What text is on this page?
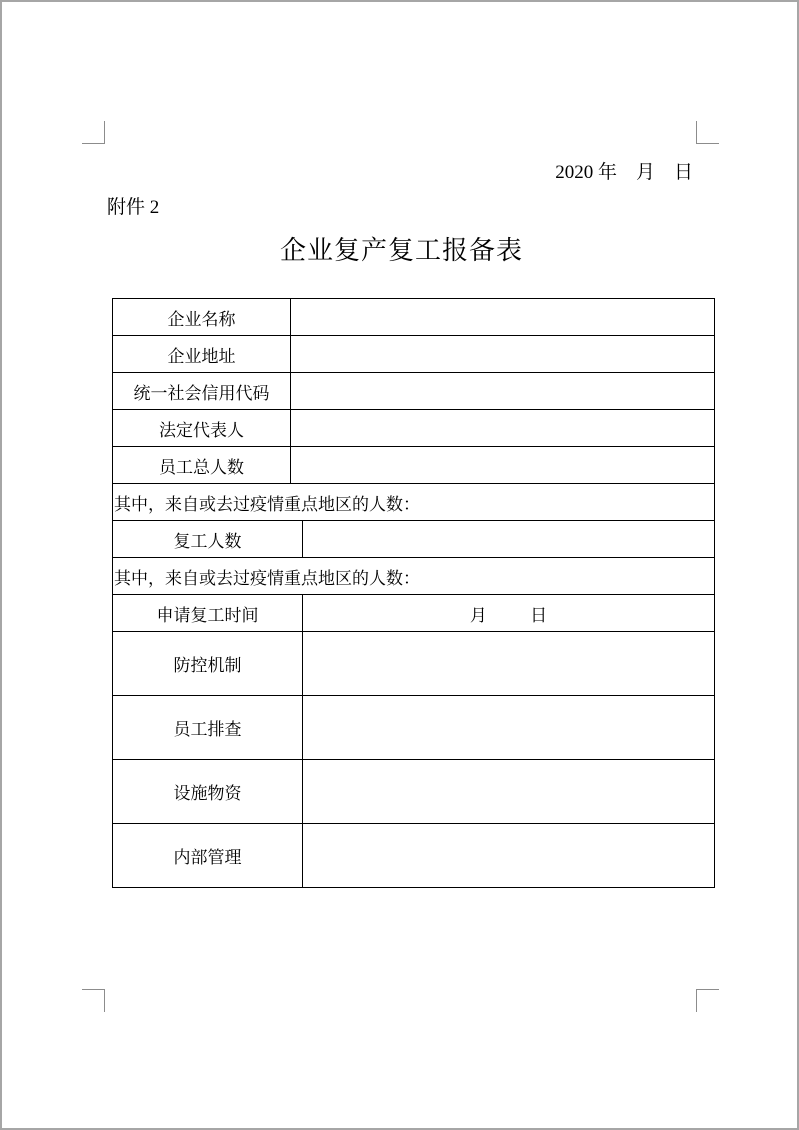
2020 年    月    日
附件 2
企业复产复工报备表
企业名称		
企业地址		
统一社会信用代码		
法定代表人		
员工总人数		
其中，来自或去过疫情重点地区的人数：		
复工人数		
其中，来自或去过疫情重点地区的人数：		
申请复工时间		月        日
防控机制		
员工排查		
设施物资		
内部管理		
